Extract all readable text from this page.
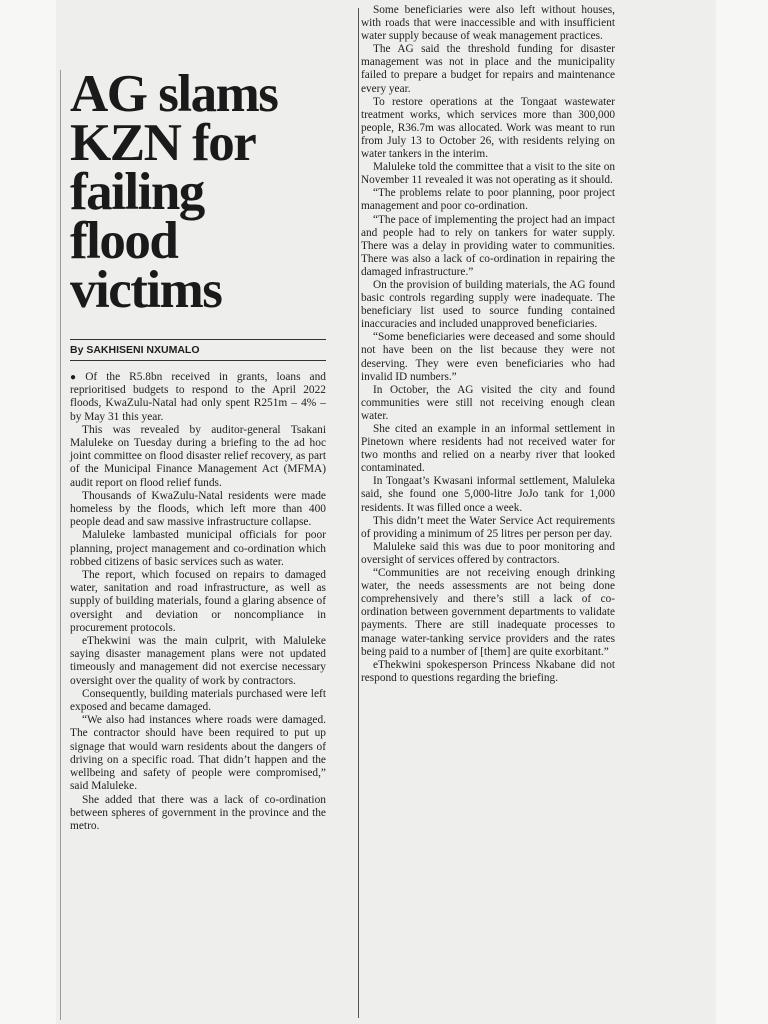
AG slams
KZN for
failing
flood
victims
By SAKHISENI NXUMALO

● Of the R5.8bn received in grants, loans and reprioritised budgets to respond to the April 2022 floods, KwaZulu-Natal had only spent R251m – 4% – by May 31 this year.

This was revealed by auditor-general Tsakani Maluleke on Tuesday during a briefing to the ad hoc joint committee on flood disaster relief recovery, as part of the Municipal Finance Management Act (MFMA) audit report on flood relief funds.

Thousands of KwaZulu-Natal residents were made homeless by the floods, which left more than 400 people dead and saw massive infrastructure collapse.

Maluleke lambasted municipal officials for poor planning, project management and co-ordination which robbed citizens of basic services such as water.

The report, which focused on repairs to damaged water, sanitation and road infrastructure, as well as supply of building materials, found a glaring absence of oversight and deviation or noncompliance in procurement protocols.

eThekwini was the main culprit, with Maluleke saying disaster management plans were not updated timeously and management did not exercise necessary oversight over the quality of work by contractors.

Consequently, building materials purchased were left exposed and became damaged.

“We also had instances where roads were damaged. The contractor should have been required to put up signage that would warn residents about the dangers of driving on a specific road. That didn’t happen and the wellbeing and safety of people were compromised,” said Maluleke.

She added that there was a lack of co-ordination between spheres of government in the province and the metro.

Some beneficiaries were also left without houses, with roads that were inaccessible and with insufficient water supply because of weak management practices.

The AG said the threshold funding for disaster management was not in place and the municipality failed to prepare a budget for repairs and maintenance every year.

To restore operations at the Tongaat wastewater treatment works, which services more than 300,000 people, R36.7m was allocated. Work was meant to run from July 13 to October 26, with residents relying on water tankers in the interim.

Maluleke told the committee that a visit to the site on November 11 revealed it was not operating as it should.

“The problems relate to poor planning, poor project management and poor co-ordination.

“The pace of implementing the project had an impact and people had to rely on tankers for water supply. There was a delay in providing water to communities. There was also a lack of co-ordination in repairing the damaged infrastructure.”

On the provision of building materials, the AG found basic controls regarding supply were inadequate. The beneficiary list used to source funding contained inaccuracies and included unapproved beneficiaries.

“Some beneficiaries were deceased and some should not have been on the list because they were not deserving. They were even beneficiaries who had invalid ID numbers.”

In October, the AG visited the city and found communities were still not receiving enough clean water.

She cited an example in an informal settlement in Pinetown where residents had not received water for two months and relied on a nearby river that looked contaminated.

In Tongaat’s Kwasani informal settlement, Maluleka said, she found one 5,000-litre JoJo tank for 1,000 residents. It was filled once a week.

This didn’t meet the Water Service Act requirements of providing a minimum of 25 litres per person per day.

Maluleke said this was due to poor monitoring and oversight of services offered by contractors.

“Communities are not receiving enough drinking water, the needs assessments are not being done comprehensively and there’s still a lack of co-ordination between government departments to validate payments. There are still inadequate processes to manage water-tanking service providers and the rates being paid to a number of [them] are quite exorbitant.”

eThekwini spokesperson Princess Nkabane did not respond to questions regarding the briefing.
